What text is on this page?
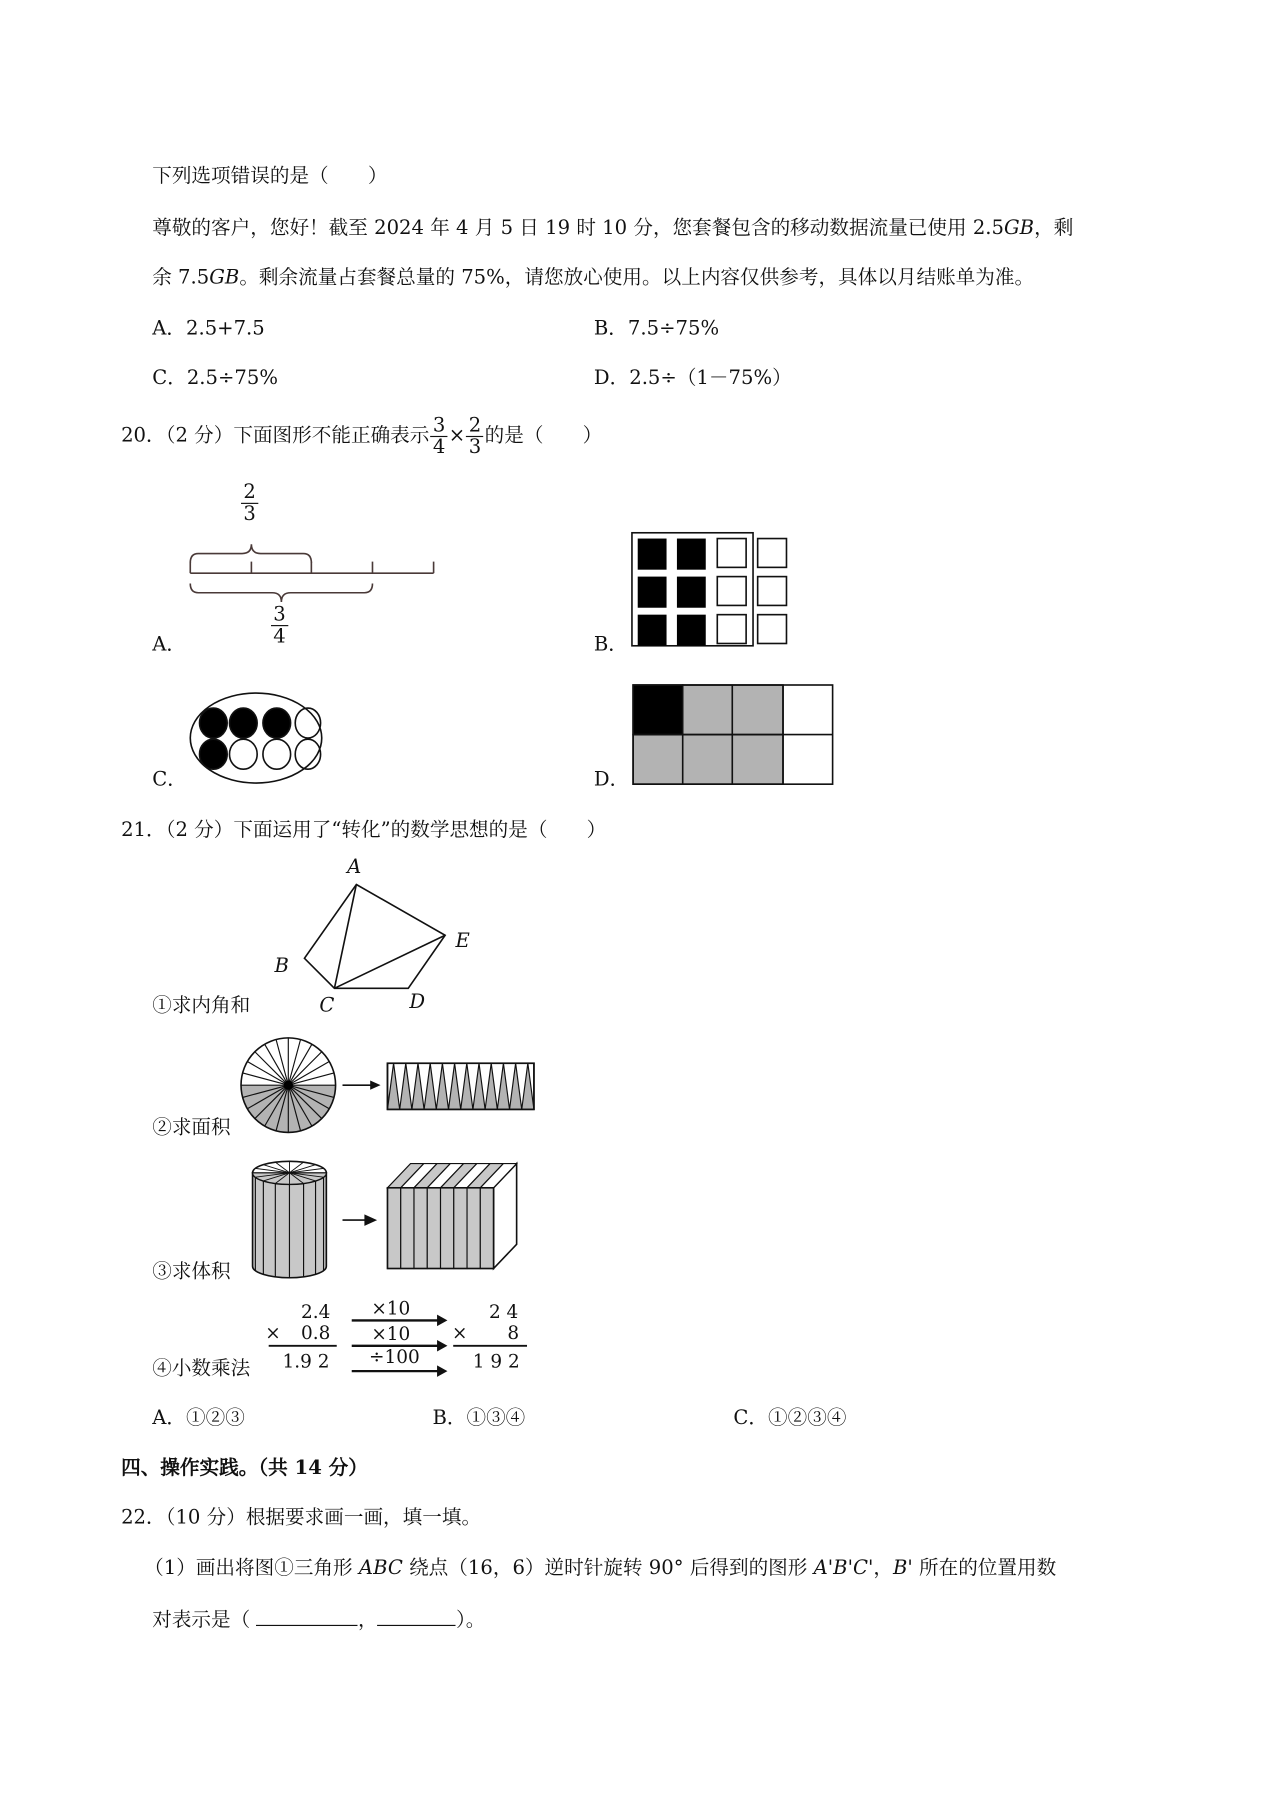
下列选项错误的是（　　）
尊敬的客户，您好！截至 2024 年 4 月 5 日 19 时 10 分，您套餐包含的移动数据流量已使用 2.5GB，剩
余 7.5GB。剩余流量占套餐总量的 75%，请您放心使用。以上内容仅供参考，具体以月结账单为准。
A．2.5+7.5	B．7.5÷75%
C．2.5÷75%	D．2.5÷（1－75%）
20．（2 分）下面图形不能正确表示 $\frac{3}{4} \times \frac{2}{3}$ 的是（　　）
A．
$\frac{2}{3}$
$\frac{3}{4}$	B．
C．	D．
21．（2 分）下面运用了“转化”的数学思想的是（　　）
A
B
C	D
E
①求内角和
②求面积
③求体积
④小数乘法
2.4
× 0.8
1.9 2
×10
×10
÷100
2 4
× 8
1 9 2
A．①②③	B．①③④	C．①②③④
四、操作实践。（共 14 分）
22．（10 分）根据要求画一画，填一填。
（1）画出将图①三角形 ABC 绕点（16，6）逆时针旋转 90° 后得到的图形 A'B'C'，B' 所在的位置用数
对表示是（	，	）。
